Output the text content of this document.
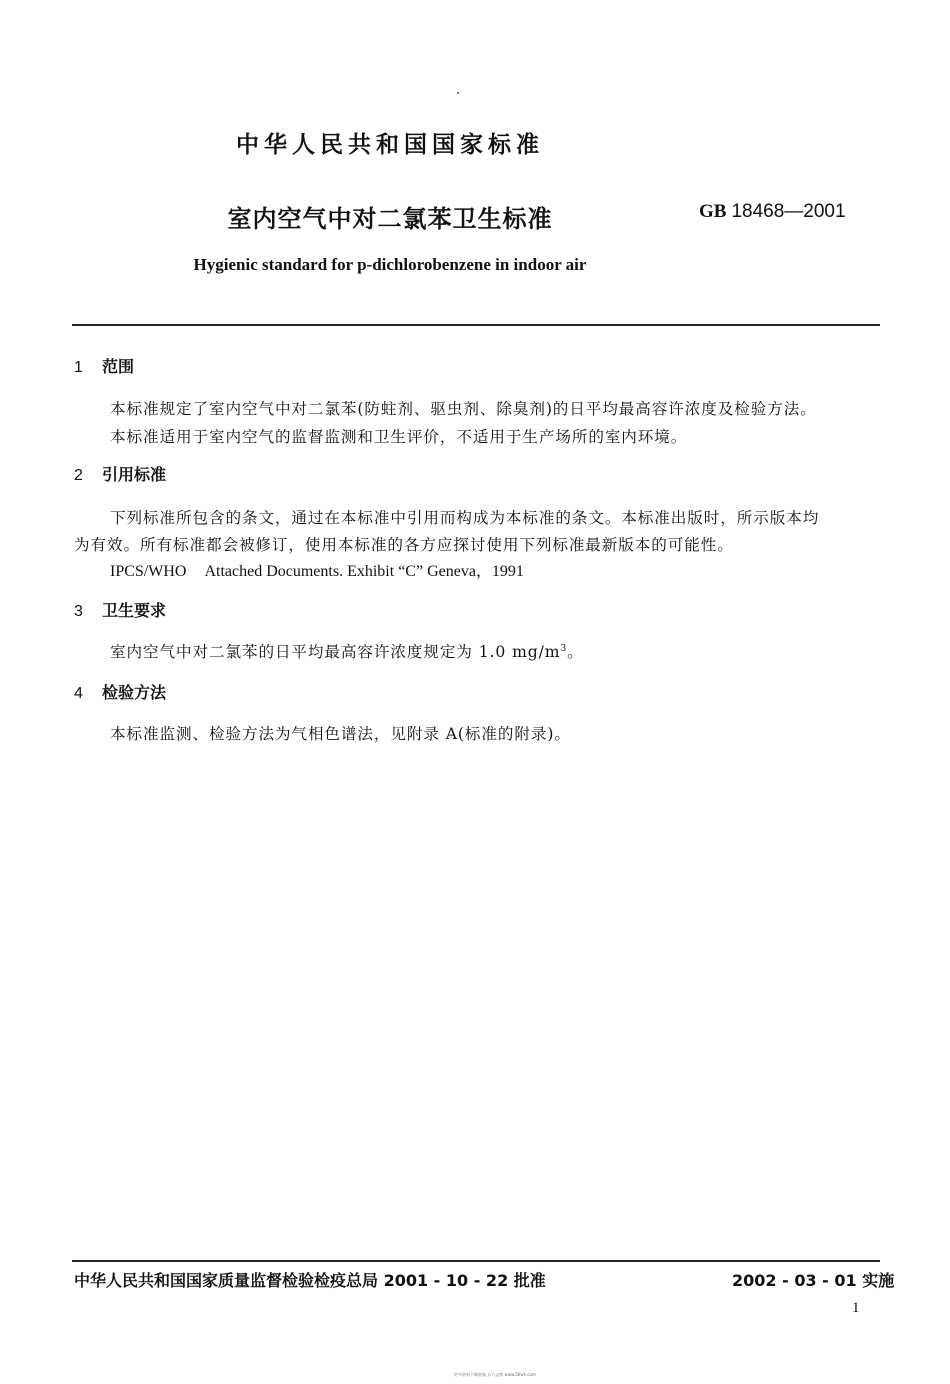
中华人民共和国国家标准
室内空气中对二氯苯卫生标准	GB 18468—2001
Hygienic standard for p-dichlorobenzene in indoor air
1 范围
本标准规定了室内空气中对二氯苯(防蛀剂、驱虫剂、除臭剂)的日平均最高容许浓度及检验方法。
本标准适用于室内空气的监督监测和卫生评价，不适用于生产场所的室内环境。
2 引用标准
下列标准所包含的条文，通过在本标准中引用而构成为本标准的条文。本标准出版时，所示版本均
为有效。所有标准都会被修订，使用本标准的各方应探讨使用下列标准最新版本的可能性。
IPCS/WHO Attached Documents. Exhibit “C” Geneva，1991
3 卫生要求
室内空气中对二氯苯的日平均最高容许浓度规定为 1.0 $mg/m^3$。
4 检验方法
本标准监测、检验方法为气相色谱法，见附录 A(标准的附录)。
中华人民共和国国家质量监督检验检疫总局 2001 - 10 - 22 批准	2002 - 03 - 01 实施
1
更多资料下载收集 五六文库 www.56wk.com
